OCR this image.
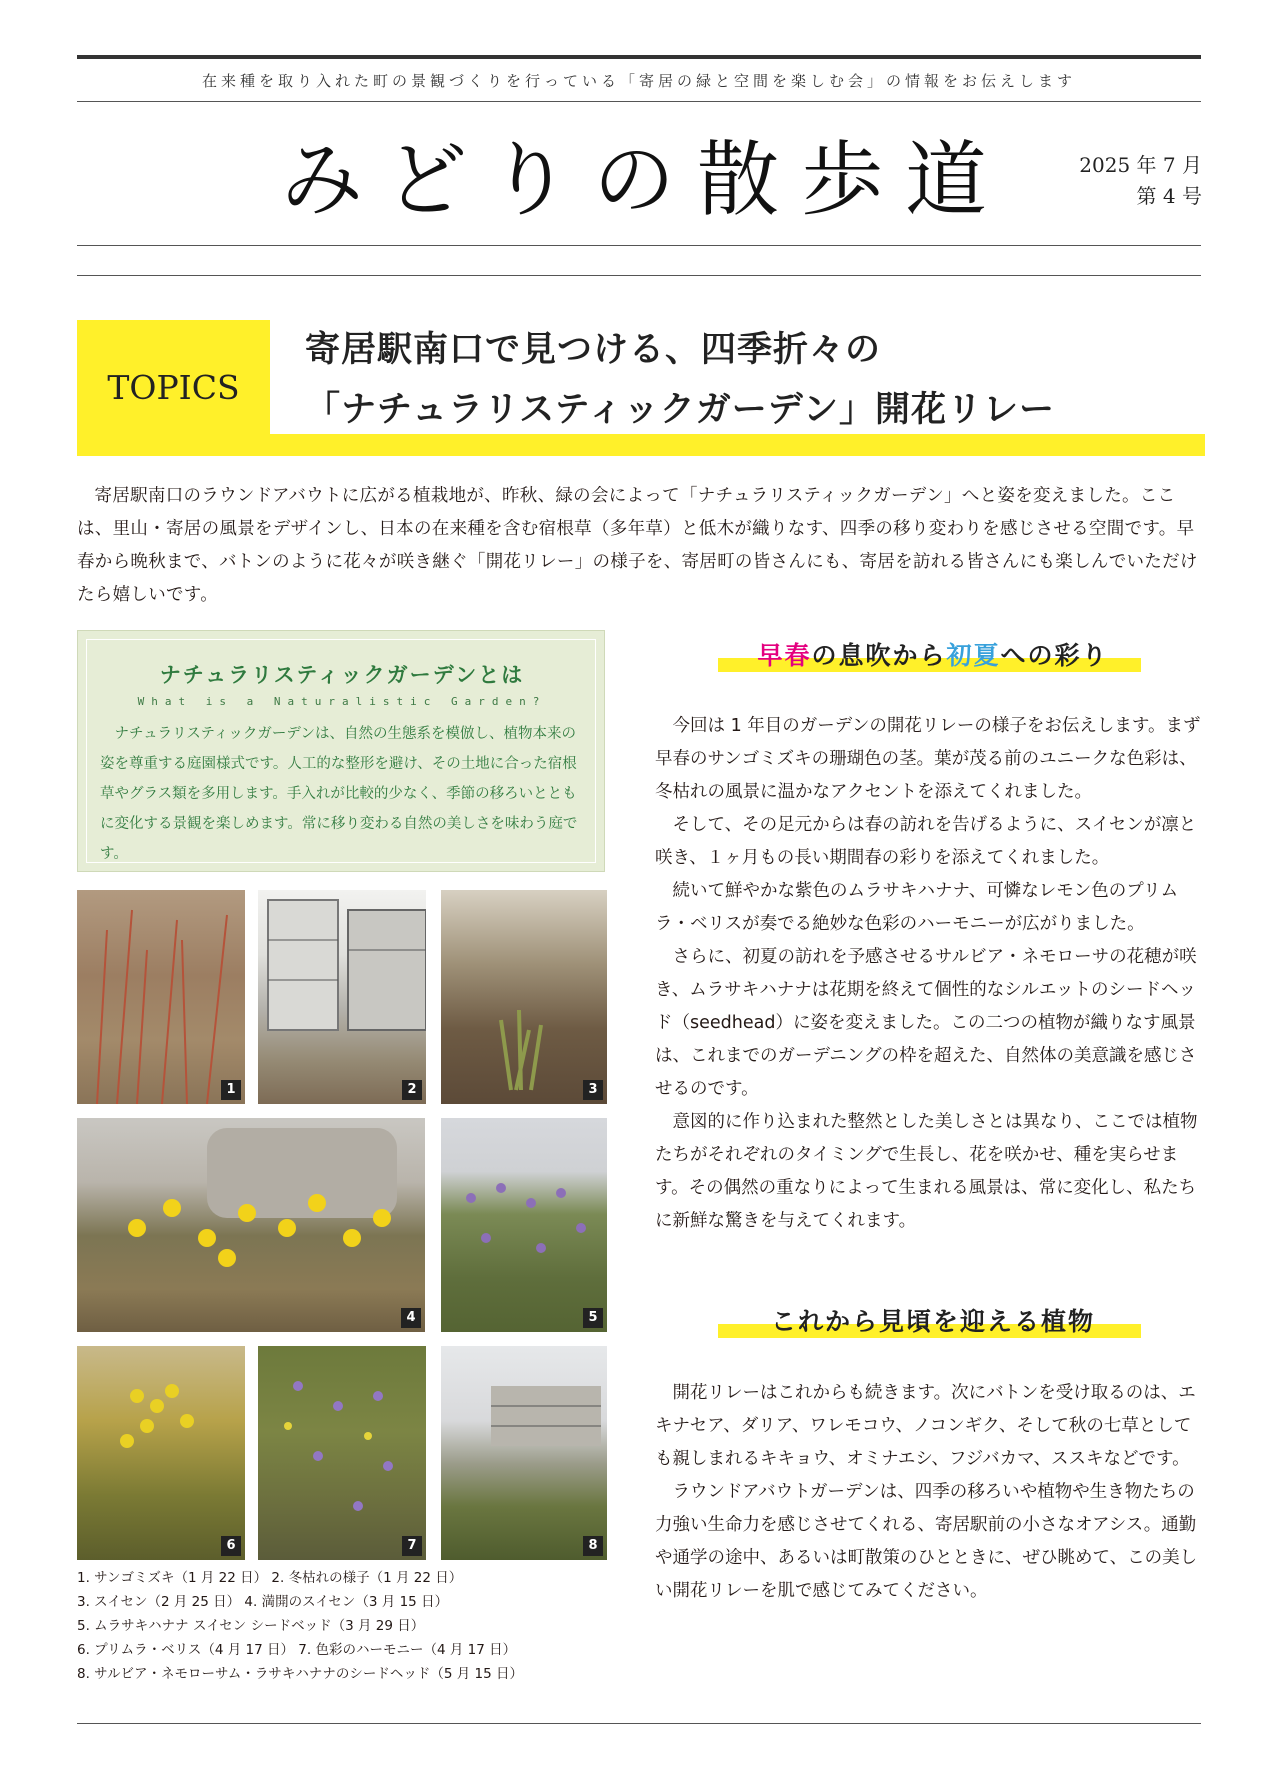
在来種を取り入れた町の景観づくりを行っている「寄居の緑と空間を楽しむ会」の情報をお伝えします
みどりの散歩道	2025 年 7 月
第 4 号
TOPICS
寄居駅南口で見つける、四季折々の
「ナチュラリスティックガーデン」開花リレー
寄居駅南口のラウンドアバウトに広がる植栽地が、昨秋、緑の会によって「ナチュラリスティックガーデン」へと姿を変えました。ここは、里山・寄居の風景をデザインし、日本の在来種を含む宿根草（多年草）と低木が織りなす、四季の移り変わりを感じさせる空間です。早春から晩秋まで、バトンのように花々が咲き継ぐ「開花リレー」の様子を、寄居町の皆さんにも、寄居を訪れる皆さんにも楽しんでいただけたら嬉しいです。
ナチュラリスティックガーデンとは
What is a Naturalistic Garden?
ナチュラリスティックガーデンは、自然の生態系を模倣し、植物本来の姿を尊重する庭園様式です。人工的な整形を避け、その土地に合った宿根草やグラス類を多用します。手入れが比較的少なく、季節の移ろいとともに変化する景観を楽しめます。常に移り変わる自然の美しさを味わう庭です。
1	2	3
4	5
6	7	8
1. サンゴミズキ（1 月 22 日） 2. 冬枯れの様子（1 月 22 日）
3. スイセン（2 月 25 日） 4. 満開のスイセン（3 月 15 日）
5. ムラサキハナナ スイセン シードベッド（3 月 29 日）
6. プリムラ・ベリス（4 月 17 日） 7. 色彩のハーモニー（4 月 17 日）
8. サルビア・ネモローサム・ラサキハナナのシードヘッド（5 月 15 日）
早春の息吹から初夏への彩り

今回は 1 年目のガーデンの開花リレーの様子をお伝えします。まず早春のサンゴミズキの珊瑚色の茎。葉が茂る前のユニークな色彩は、冬枯れの風景に温かなアクセントを添えてくれました。

そして、その足元からは春の訪れを告げるように、スイセンが凛と咲き、１ヶ月もの長い期間春の彩りを添えてくれました。

続いて鮮やかな紫色のムラサキハナナ、可憐なレモン色のプリムラ・ベリスが奏でる絶妙な色彩のハーモニーが広がりました。

さらに、初夏の訪れを予感させるサルビア・ネモローサの花穂が咲き、ムラサキハナナは花期を終えて個性的なシルエットのシードヘッド（seedhead）に姿を変えました。この二つの植物が織りなす風景は、これまでのガーデニングの枠を超えた、自然体の美意識を感じさせるのです。

意図的に作り込まれた整然とした美しさとは異なり、ここでは植物たちがそれぞれのタイミングで生長し、花を咲かせ、種を実らせます。その偶然の重なりによって生まれる風景は、常に変化し、私たちに新鮮な驚きを与えてくれます。

これから見頃を迎える植物

開花リレーはこれからも続きます。次にバトンを受け取るのは、エキナセア、ダリア、ワレモコウ、ノコンギク、そして秋の七草としても親しまれるキキョウ、オミナエシ、フジバカマ、ススキなどです。

ラウンドアバウトガーデンは、四季の移ろいや植物や生き物たちの力強い生命力を感じさせてくれる、寄居駅前の小さなオアシス。通勤や通学の途中、あるいは町散策のひとときに、ぜひ眺めて、この美しい開花リレーを肌で感じてみてください。
